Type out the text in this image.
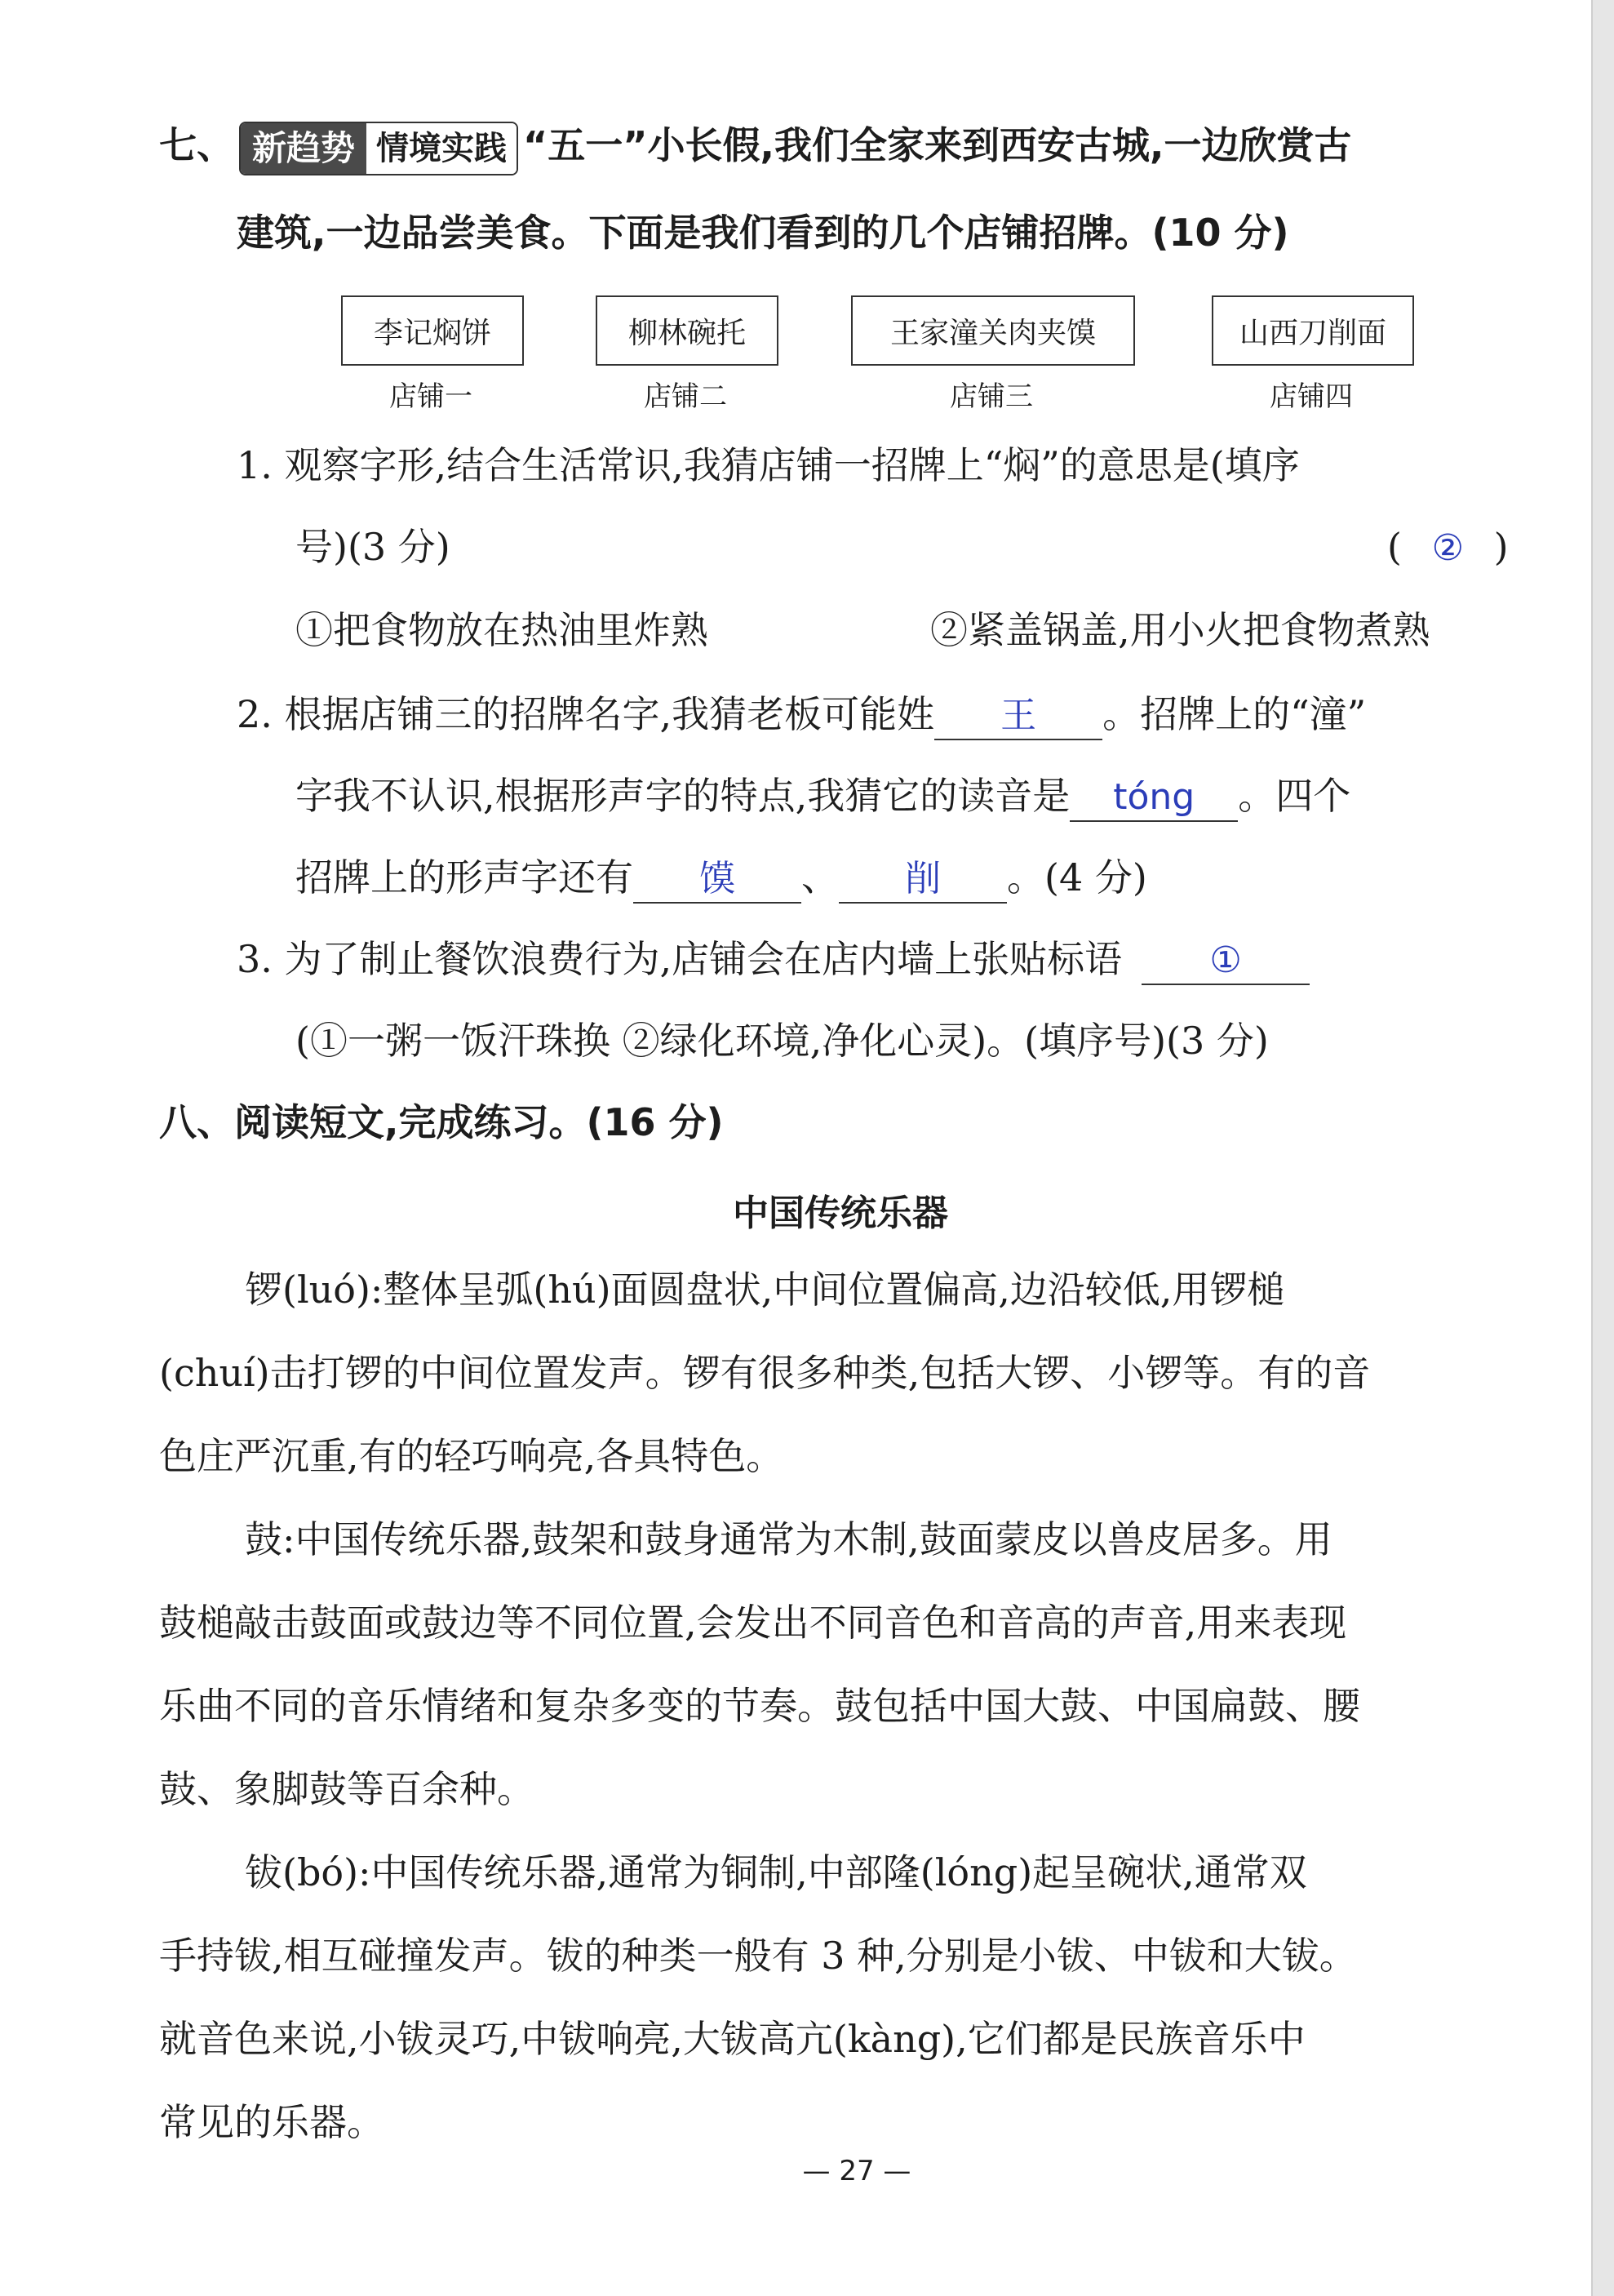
七、 新趋势 情境实践 “五一”小长假,我们全家来到西安古城,一边欣赏古
建筑,一边品尝美食。下面是我们看到的几个店铺招牌。(10 分)
李记焖饼	柳林碗托	王家潼关肉夹馍	山西刀削面
店铺一	店铺二	店铺三	店铺四
1. 观察字形,结合生活常识,我猜店铺一招牌上“焖”的意思是(填序
号)(3 分)	( ② )
①把食物放在热油里炸熟	②紧盖锅盖,用小火把食物煮熟
2. 根据店铺三的招牌名字,我猜老板可能姓 王 。招牌上的“潼”
字我不认识,根据形声字的特点,我猜它的读音是 tóng 。四个
招牌上的形声字还有 馍 、 削 。(4 分)
3. 为了制止餐饮浪费行为,店铺会在店内墙上张贴标语 ①
(①一粥一饭汗珠换 ②绿化环境,净化心灵)。(填序号)(3 分)
八、阅读短文,完成练习。(16 分)
中国传统乐器
锣(luó):整体呈弧(hú)面圆盘状,中间位置偏高,边沿较低,用锣槌
(chuí)击打锣的中间位置发声。锣有很多种类,包括大锣、小锣等。有的音
色庄严沉重,有的轻巧响亮,各具特色。
鼓:中国传统乐器,鼓架和鼓身通常为木制,鼓面蒙皮以兽皮居多。用
鼓槌敲击鼓面或鼓边等不同位置,会发出不同音色和音高的声音,用来表现
乐曲不同的音乐情绪和复杂多变的节奏。鼓包括中国大鼓、中国扁鼓、腰
鼓、象脚鼓等百余种。
钹(bó):中国传统乐器,通常为铜制,中部隆(lóng)起呈碗状,通常双
手持钹,相互碰撞发声。钹的种类一般有 3 种,分别是小钹、中钹和大钹。
就音色来说,小钹灵巧,中钹响亮,大钹高亢(kàng),它们都是民族音乐中
常见的乐器。
— 27 —
